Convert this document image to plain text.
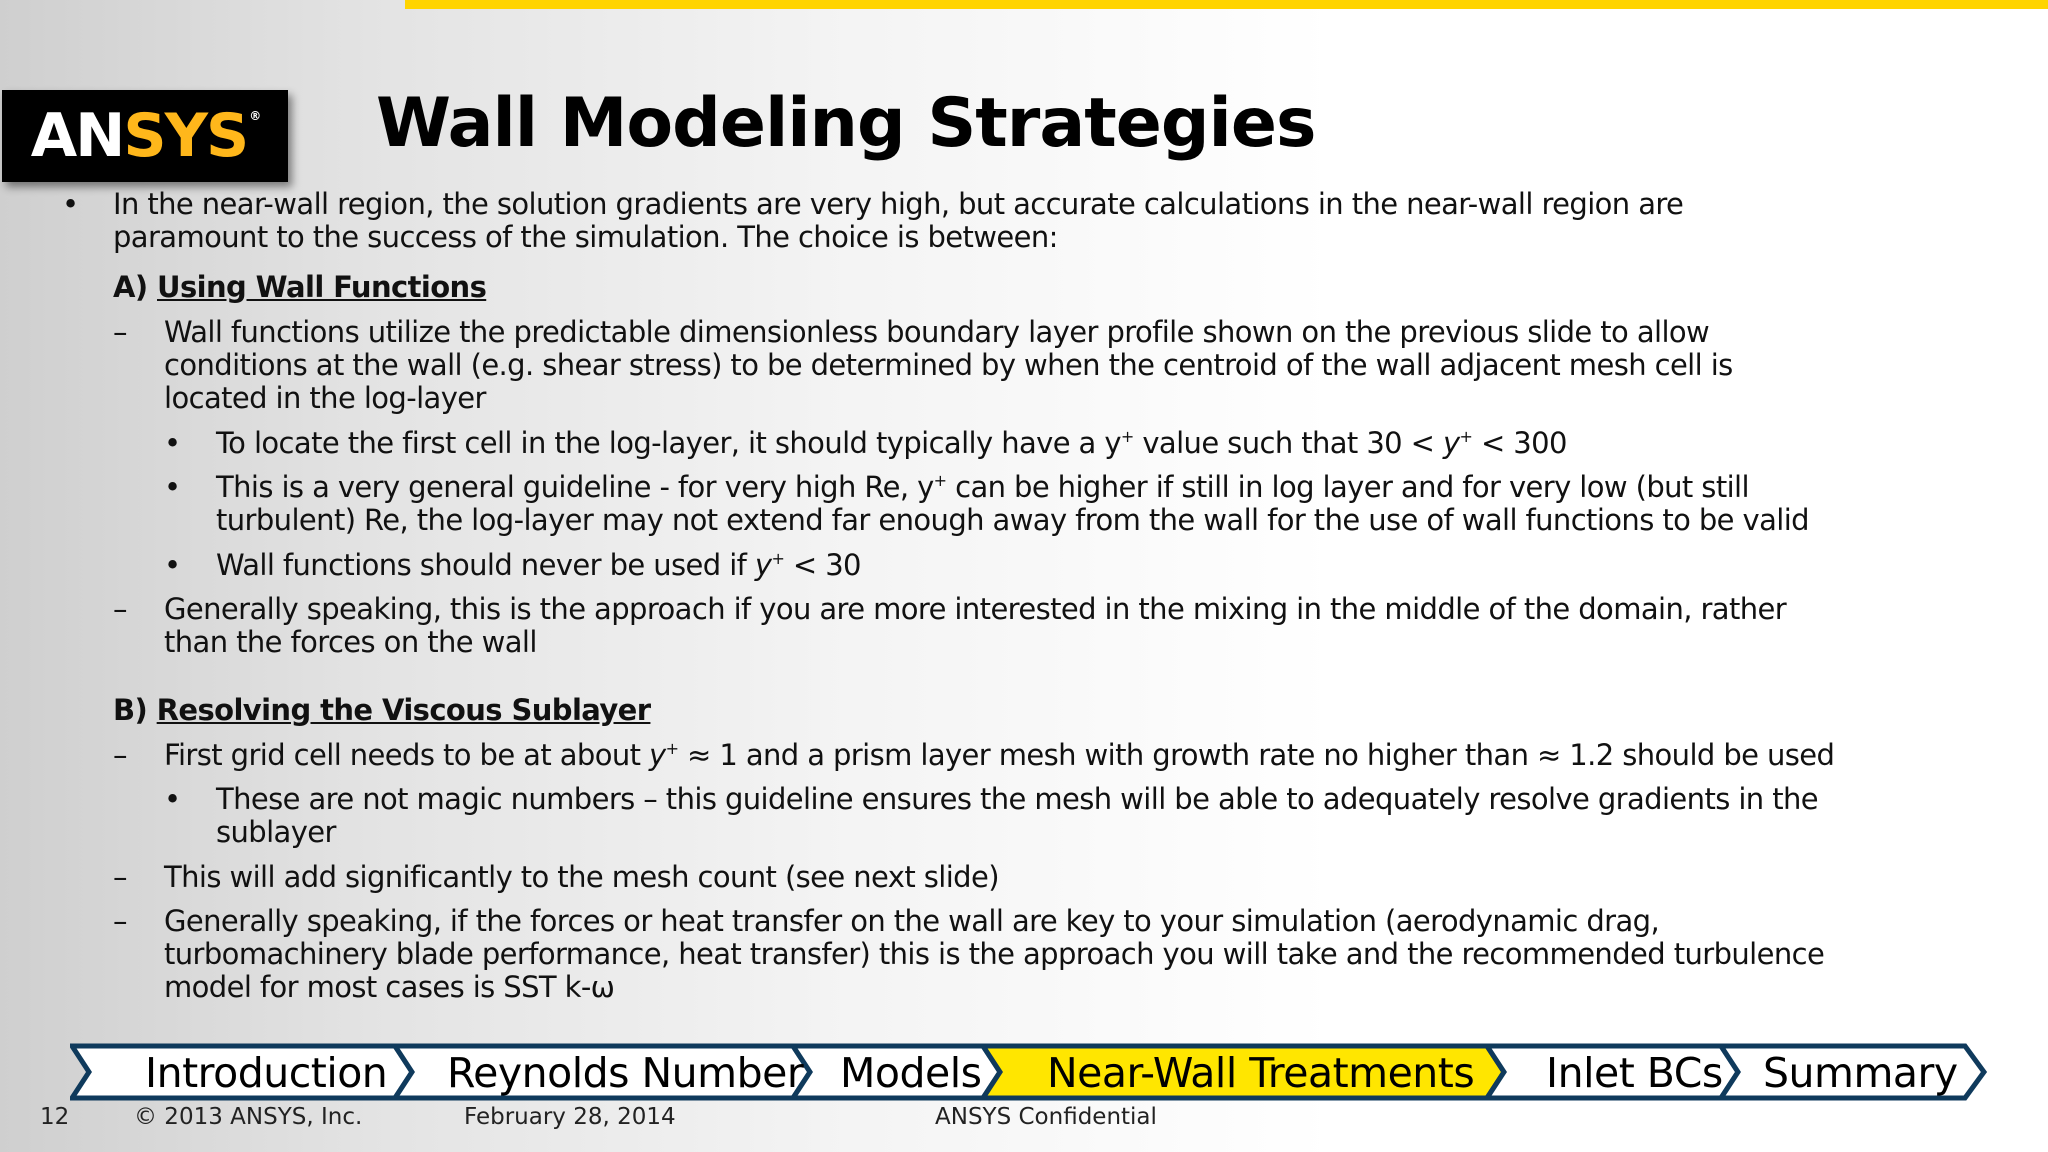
ANSYS ® Wall Modeling Strategies
• In the near-wall region, the solution gradients are very high, but accurate calculations in the near-wall region are
paramount to the success of the simulation. The choice is between:
A) Using Wall Functions
– Wall functions utilize the predictable dimensionless boundary layer profile shown on the previous slide to allow
conditions at the wall (e.g. shear stress) to be determined by when the centroid of the wall adjacent mesh cell is
located in the log-layer
• To locate the first cell in the log-layer, it should typically have a y+ value such that 30 < y+ < 300
• This is a very general guideline - for very high Re, y+ can be higher if still in log layer and for very low (but still
turbulent) Re, the log-layer may not extend far enough away from the wall for the use of wall functions to be valid
• Wall functions should never be used if y+ < 30
– Generally speaking, this is the approach if you are more interested in the mixing in the middle of the domain, rather
than the forces on the wall
B) Resolving the Viscous Sublayer
– First grid cell needs to be at about y+ ≈ 1 and a prism layer mesh with growth rate no higher than ≈ 1.2 should be used
• These are not magic numbers – this guideline ensures the mesh will be able to adequately resolve gradients in the
sublayer
– This will add significantly to the mesh count (see next slide)
– Generally speaking, if the forces or heat transfer on the wall are key to your simulation (aerodynamic drag,
turbomachinery blade performance, heat transfer) this is the approach you will take and the recommended turbulence
model for most cases is SST k-ω
Introduction Reynolds Number Models Near-Wall Treatments Inlet BCs Summary
12	© 2013 ANSYS, Inc.	February 28, 2014	ANSYS Confidential
